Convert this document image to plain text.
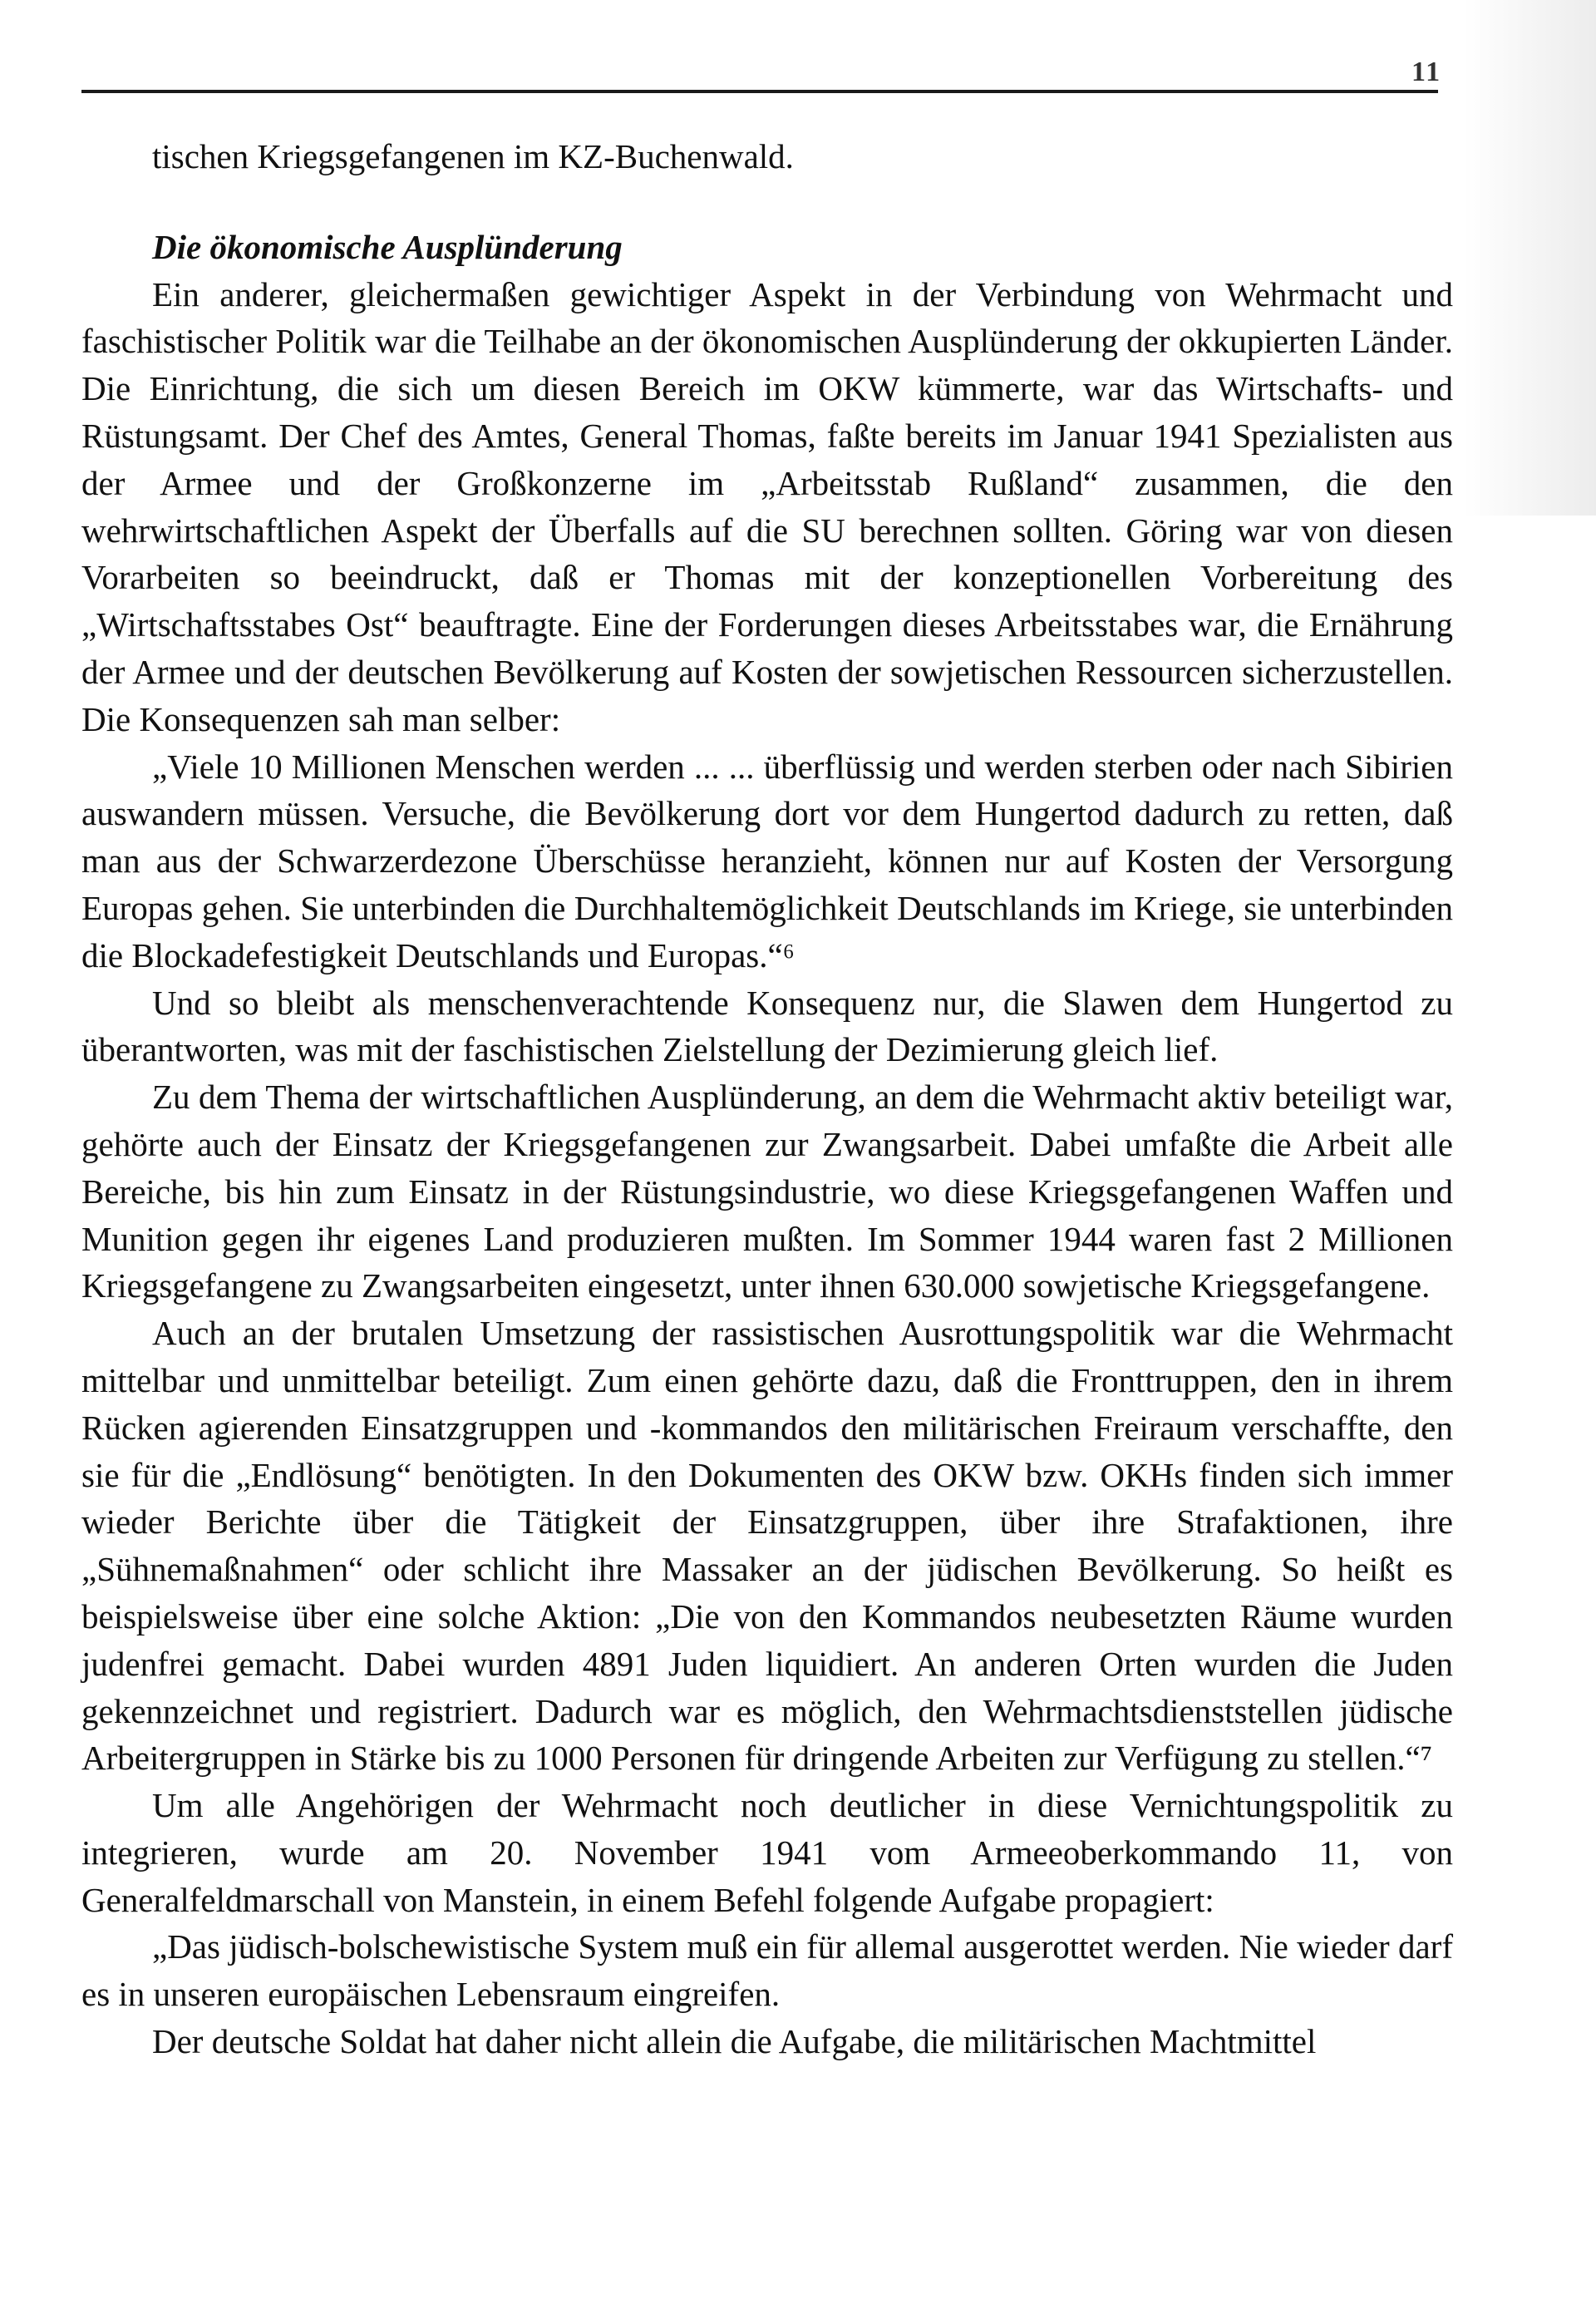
11

tischen Kriegsgefangenen im KZ-Buchenwald.

Die ökonomische Ausplünderung

Ein anderer, gleichermaßen gewichtiger Aspekt in der Verbindung von Wehrmacht und faschistischer Politik war die Teilhabe an der ökonomischen Ausplünderung der okkupierten Länder. Die Einrichtung, die sich um diesen Bereich im OKW kümmerte, war das Wirtschafts- und Rüstungsamt. Der Chef des Amtes, General Thomas, faßte bereits im Januar 1941 Spezialisten aus der Armee und der Großkonzerne im „Arbeitsstab Rußland“ zusammen, die den wehrwirtschaftlichen Aspekt der Überfalls auf die SU berechnen sollten. Göring war von diesen Vorarbeiten so beeindruckt, daß er Thomas mit der konzeptionellen Vorbereitung des „Wirtschaftsstabes Ost“ beauftragte. Eine der Forderungen dieses Arbeitsstabes war, die Ernährung der Armee und der deutschen Bevölkerung auf Kosten der sowjetischen Ressourcen sicherzustellen. Die Konsequenzen sah man selber:

„Viele 10 Millionen Menschen werden ... ... überflüssig und werden sterben oder nach Sibirien auswandern müssen. Versuche, die Bevölkerung dort vor dem Hungertod dadurch zu retten, daß man aus der Schwarzerdezone Überschüsse heranzieht, können nur auf Kosten der Versorgung Europas gehen. Sie unterbinden die Durchhaltemöglichkeit Deutschlands im Kriege, sie unterbinden die Blockadefestigkeit Deutschlands und Europas.“⁶

Und so bleibt als menschenverachtende Konsequenz nur, die Slawen dem Hungertod zu überantworten, was mit der faschistischen Zielstellung der Dezimierung gleich lief.

Zu dem Thema der wirtschaftlichen Ausplünderung, an dem die Wehrmacht aktiv beteiligt war, gehörte auch der Einsatz der Kriegsgefangenen zur Zwangsarbeit. Dabei umfaßte die Arbeit alle Bereiche, bis hin zum Einsatz in der Rüstungsindustrie, wo diese Kriegsgefangenen Waffen und Munition gegen ihr eigenes Land produzieren mußten. Im Sommer 1944 waren fast 2 Millionen Kriegsgefangene zu Zwangsarbeiten eingesetzt, unter ihnen 630.000 sowjetische Kriegsgefangene.

Auch an der brutalen Umsetzung der rassistischen Ausrottungspolitik war die Wehrmacht mittelbar und unmittelbar beteiligt. Zum einen gehörte dazu, daß die Fronttruppen, den in ihrem Rücken agierenden Einsatzgruppen und -kommandos den militärischen Freiraum verschaffte, den sie für die „Endlösung“ benötigten. In den Dokumenten des OKW bzw. OKHs finden sich immer wieder Berichte über die Tätigkeit der Einsatzgruppen, über ihre Strafaktionen, ihre „Sühnemaßnahmen“ oder schlicht ihre Massaker an der jüdischen Bevölkerung. So heißt es beispielsweise über eine solche Aktion: „Die von den Kommandos neubesetzten Räume wurden judenfrei gemacht. Dabei wurden 4891 Juden liquidiert. An anderen Orten wurden die Juden gekennzeichnet und registriert. Dadurch war es möglich, den Wehrmachtsdienststellen jüdische Arbeitergruppen in Stärke bis zu 1000 Personen für dringende Arbeiten zur Verfügung zu stellen.“⁷

Um alle Angehörigen der Wehrmacht noch deutlicher in diese Vernichtungspolitik zu integrieren, wurde am 20. November 1941 vom Armeeoberkommando 11, von Generalfeldmarschall von Manstein, in einem Befehl folgende Aufgabe propagiert:

„Das jüdisch-bolschewistische System muß ein für allemal ausgerottet werden. Nie wieder darf es in unseren europäischen Lebensraum eingreifen.

Der deutsche Soldat hat daher nicht allein die Aufgabe, die militärischen Machtmittel
